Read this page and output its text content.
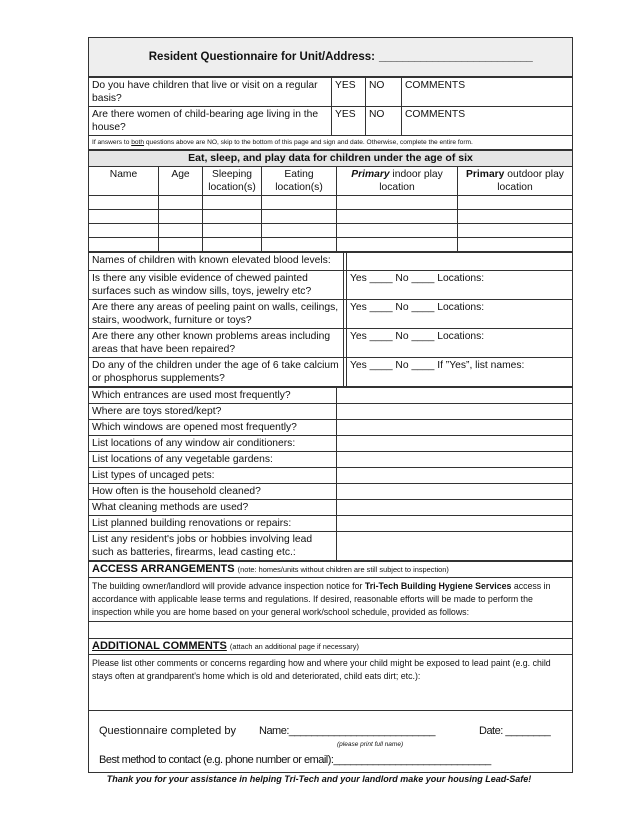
Resident Questionnaire for Unit/Address: __________________________
Do you have children that live or visit on a regular basis?	YES	NO	COMMENTS
Are there women of child-bearing age living in the house?	YES	NO	COMMENTS
If answers to both questions above are NO, skip to the bottom of this page and sign and date. Otherwise, complete the entire form.			
Eat, sleep, and play data for children under the age of six					
Name	Age	Sleeping location(s)	Eating location(s)	Primary indoor play location	Primary outdoor play location

Names of children with known elevated blood levels:		
Is there any visible evidence of chewed painted surfaces such as window sills, toys, jewelry etc?		Yes ____ No ____ Locations:
Are there any areas of peeling paint on walls, ceilings, stairs, woodwork, furniture or toys?		Yes ____ No ____ Locations:
Are there any other known problems areas including areas that have been repaired?		Yes ____ No ____ Locations:
Do any of the children under the age of 6 take calcium or phosphorus supplements?		Yes ____ No ____ If ”Yes”, list names:
Which entrances are used most frequently?	
Where are toys stored/kept?	
Which windows are opened most frequently?	
List locations of any window air conditioners:	
List locations of any vegetable gardens:	
List types of uncaged pets:	
How often is the household cleaned?	
What cleaning methods are used?	
List planned building renovations or repairs:	
List any resident's jobs or hobbies involving lead such as batteries, firearms, lead casting etc.:	
ACCESS ARRANGEMENTS (note: homes/units without children are still subject to inspection)
The building owner/landlord will provide advance inspection notice for Tri-Tech Building Hygiene Services access in accordance with applicable lease terms and regulations. If desired, reasonable efforts will be made to perform the inspection while you are home based on your general work/school schedule, provided as follows:

ADDITIONAL COMMENTS (attach an additional page if necessary)
Please list other comments or concerns regarding how and where your child might be exposed to lead paint (e.g. child stays often at grandparent's home which is old and deteriorated, child eats dirt; etc.):
Questionnaire completed by Name:__________________________	Date: ________
(please print full name)
Best method to contact (e.g. phone number or email):____________________________
Thank you for your assistance in helping Tri-Tech and your landlord make your housing Lead-Safe!
